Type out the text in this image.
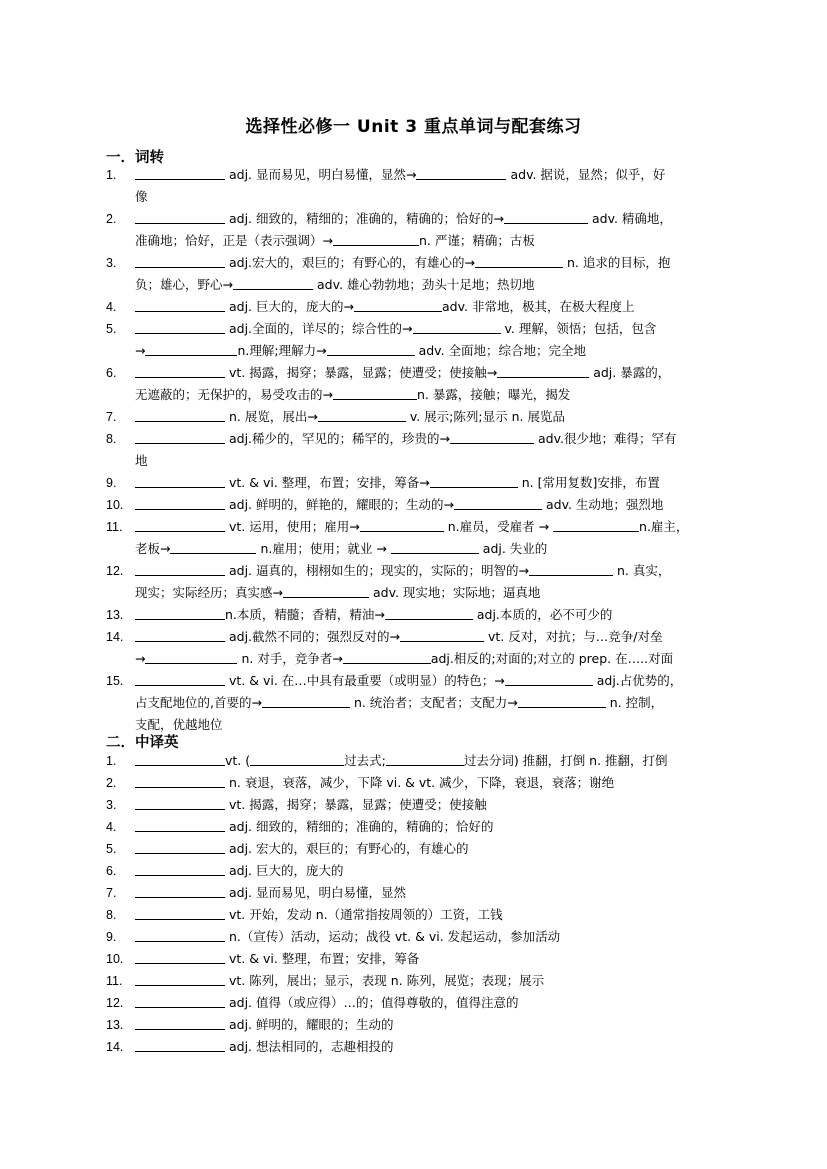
选择性必修一 Unit 3 重点单词与配套练习
一．词转
1.	adj. 显而易见，明白易懂，显然→	adv. 据说，显然；似乎，好
像
2.	adj. 细致的，精细的；准确的，精确的；恰好的→	adv. 精确地，
准确地；恰好，正是（表示强调）→	n. 严谨；精确；古板
3.	adj.宏大的，艰巨的；有野心的，有雄心的→	n. 追求的目标，抱
负；雄心，野心→	adv. 雄心勃勃地；劲头十足地；热切地
4.	adj. 巨大的，庞大的→	adv. 非常地，极其，在极大程度上
5.	adj.全面的，详尽的；综合性的→	v. 理解，领悟；包括，包含
→	n.理解;理解力→	adv. 全面地；综合地；完全地
6.	vt. 揭露，揭穿；暴露，显露；使遭受；使接触→	adj. 暴露的，
无遮蔽的；无保护的，易受攻击的→	n. 暴露，接触；曝光，揭发
7.	n. 展览，展出→	v. 展示;陈列;显示 n. 展览品
8.	adj.稀少的，罕见的；稀罕的，珍贵的→	adv.很少地；难得；罕有
地
9.	vt. & vi. 整理，布置；安排，筹备→	n. [常用复数]安排，布置
10.	adj. 鲜明的，鲜艳的，耀眼的；生动的→	adv. 生动地；强烈地
11.	vt. 运用，使用；雇用→	n.雇员，受雇者 →	n.雇主，
老板→	n.雇用；使用；就业 →	adj. 失业的
12.	adj. 逼真的，栩栩如生的；现实的，实际的；明智的→	n. 真实，
现实；实际经历；真实感→	adv. 现实地；实际地；逼真地
13.	n.本质，精髓；香精，精油→	adj.本质的，必不可少的
14.	adj.截然不同的；强烈反对的→	vt. 反对，对抗；与…竞争/对垒
→	n. 对手，竞争者→	adj.相反的;对面的;对立的 prep. 在…..对面
15.	vt. & vi. 在…中具有最重要（或明显）的特色；→	adj.占优势的，
占支配地位的,首要的→	n. 统治者；支配者；支配力→	n. 控制，
支配，优越地位
二．中译英
1.	vt. (	过去式;	过去分词) 推翻，打倒 n. 推翻，打倒
2.	n. 衰退，衰落，减少，下降 vi. & vt. 减少，下降，衰退，衰落；谢绝
3.	vt. 揭露，揭穿；暴露，显露；使遭受；使接触
4.	adj. 细致的，精细的；准确的，精确的；恰好的
5.	adj. 宏大的，艰巨的；有野心的，有雄心的
6.	adj. 巨大的，庞大的
7.	adj. 显而易见，明白易懂，显然
8.	vt. 开始，发动 n.（通常指按周领的）工资，工钱
9.	n.（宣传）活动，运动；战役 vt. & vi. 发起运动，参加活动
10.	vt. & vi. 整理，布置；安排，筹备
11.	vt. 陈列，展出；显示，表现 n. 陈列，展览；表现；展示
12.	adj. 值得（或应得）…的；值得尊敬的，值得注意的
13.	adj. 鲜明的，耀眼的；生动的
14.	adj. 想法相同的，志趣相投的
